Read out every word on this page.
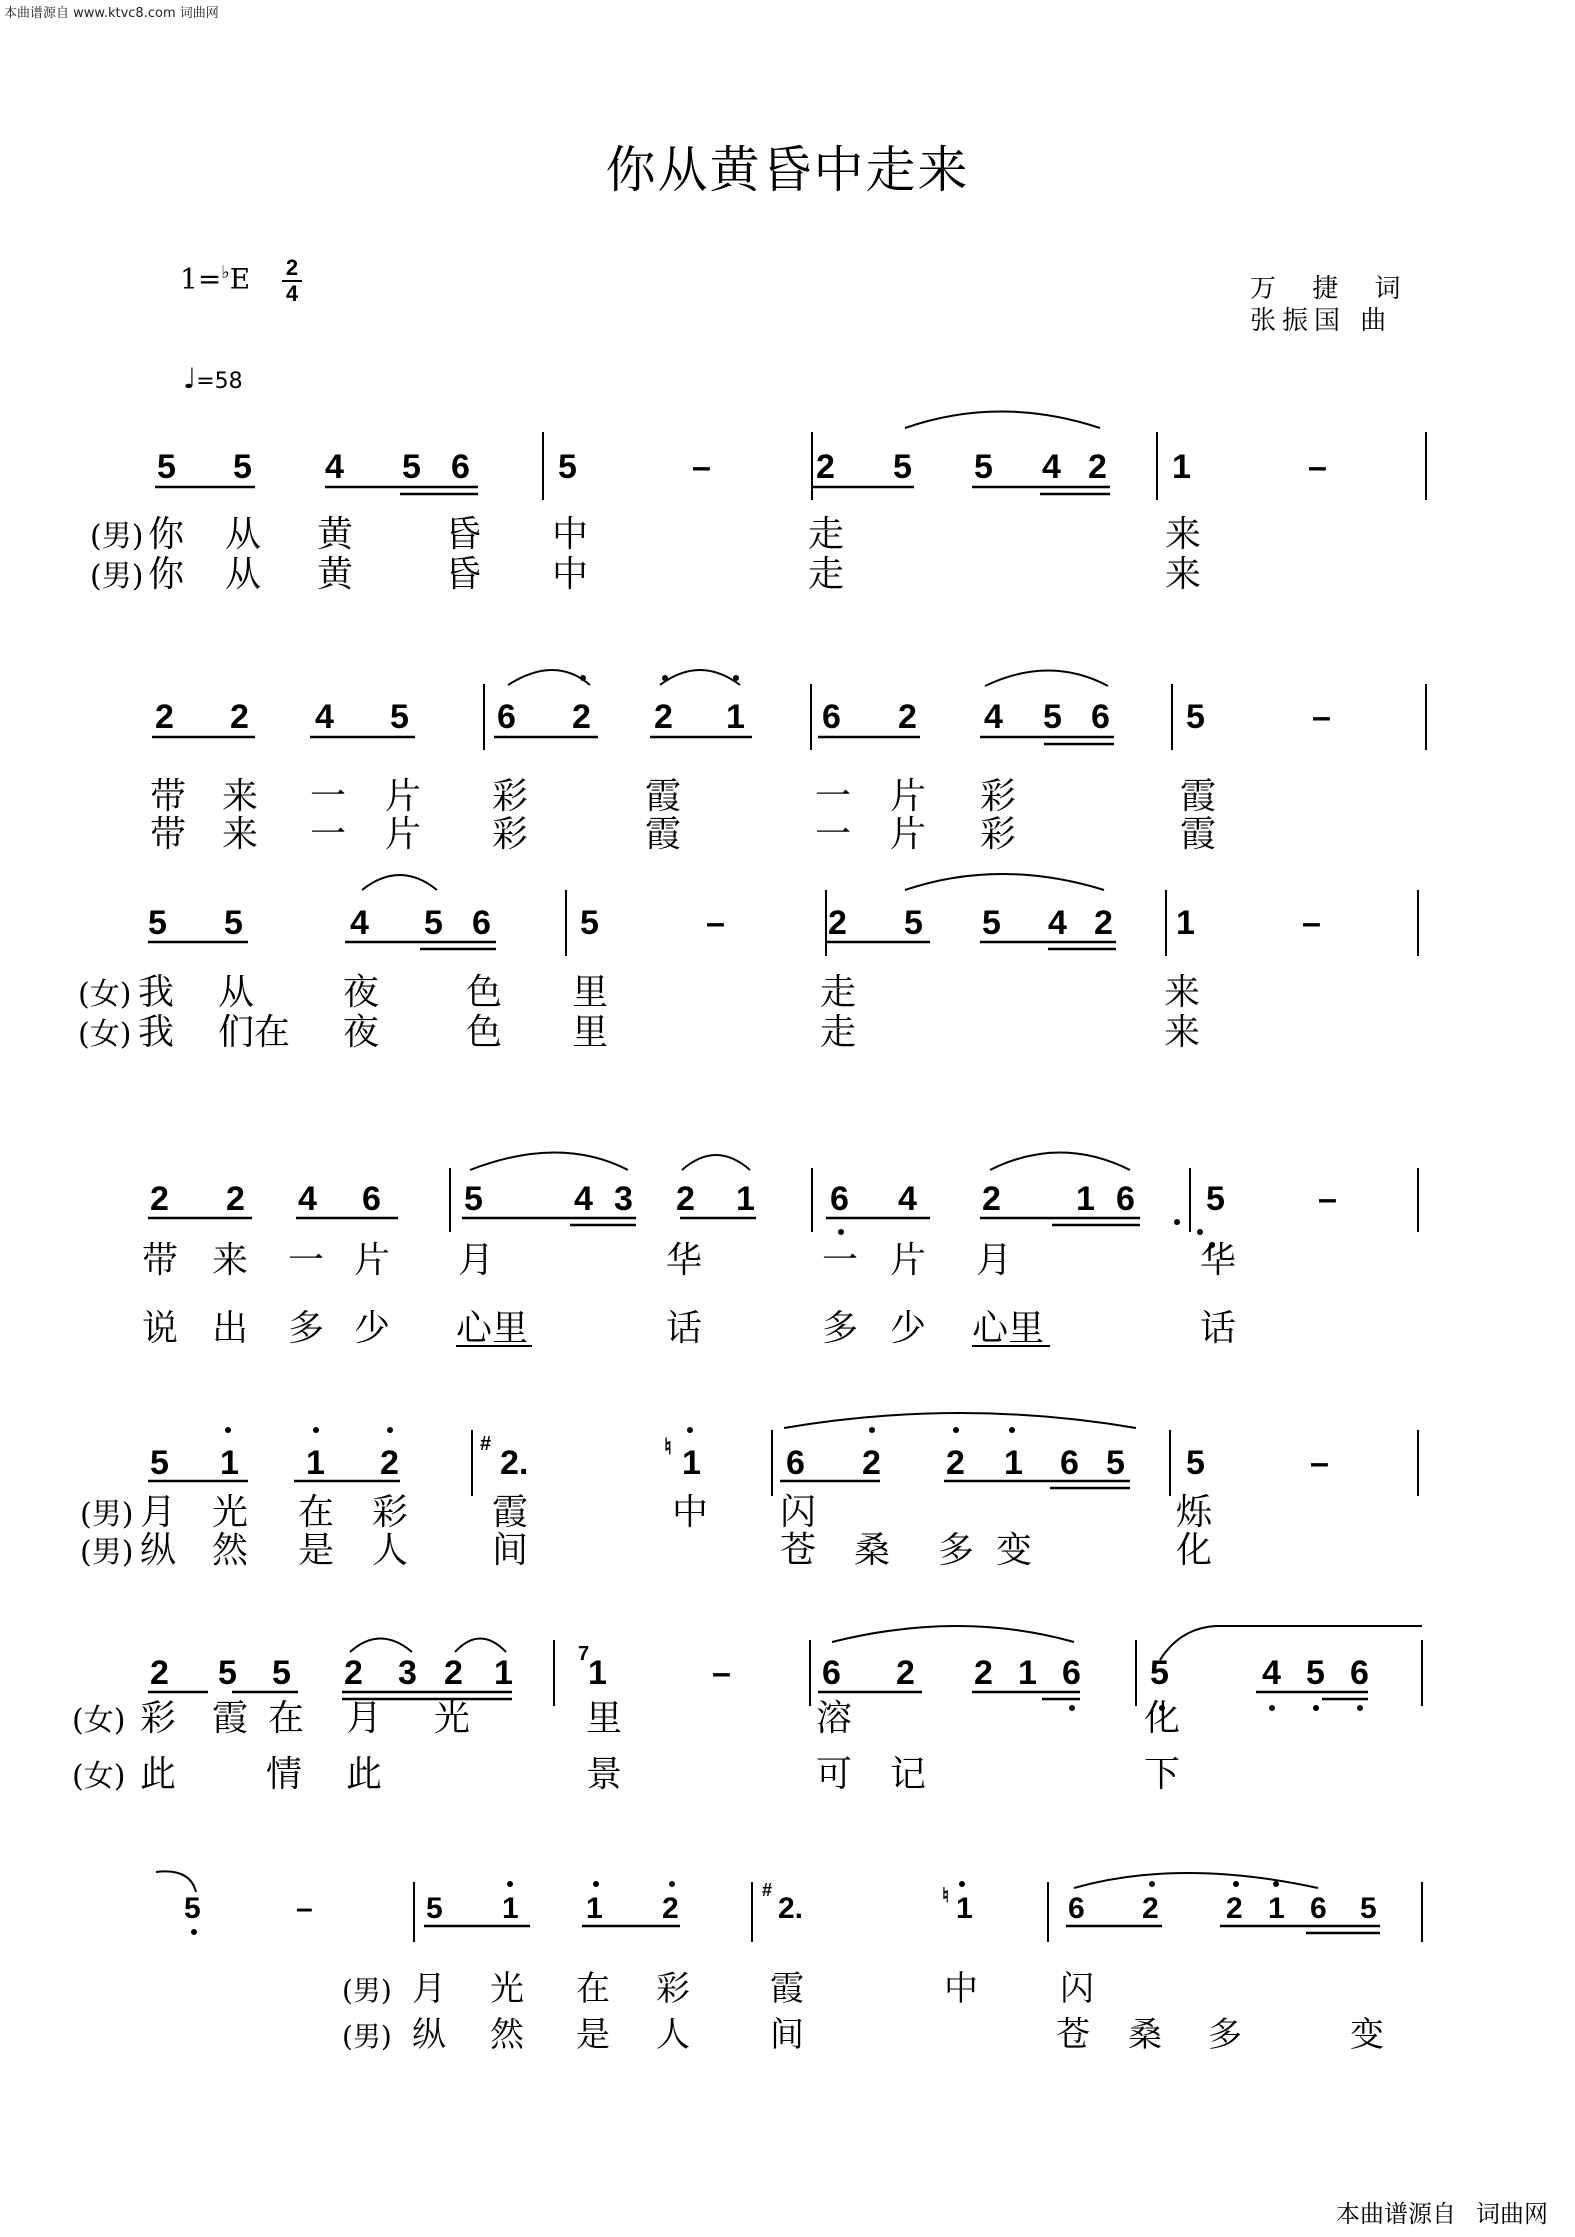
本曲谱源自 www.ktvc8.com 词曲网
你从黄昏中走来
1=♭E 2
4
♩=58
万 捷 词
张振国 曲
5 5 4 5 6	5	–	2 5 5 4 2 1	–
(男) 你 从 黄	昏 中	走	来
(男) 你 从 黄	昏 中	走	来
2 2 4 5	6 2 2 1 6 2 4 5 6 5	–
带 来 一 片 彩	霞	一 片 彩	霞
带 来 一 片 彩	霞	一 片 彩	霞
5 5	4 5 6	5	–	2 5 5 4 2 1	–
(女) 我 从 夜 色 里	走	来
(女) 我 们在 夜 色 里	走	来
2 2 4 6 5	4 3 2 1 6 4 2 1 6 5	–
带 来 一 片 月	华	一 片 月	华
说 出 多 少 心里	话	多 少 心里	话
5 1 1 2	# 2.	♮ 1	6 2 2 1 6 5 5	–
(男) 月 光 在 彩 霞	中 闪	烁
(男) 纵 然 是 人 间	苍 桑 多 变	化
2 5 5 2 3 2 1	7
1	–	6 2 2 1 6 5	4 5 6
(女) 彩 霞 在 月 光	里	溶	化
(女) 此 情 此	景	可 记	下
5	–	5 1 1 2
#
2.	♮ 1	6 2 2 1 6 5
(男) 月 光 在 彩 霞	中 闪
(男) 纵 然 是 人 间	苍 桑 多	变
本曲谱源自 词曲网
